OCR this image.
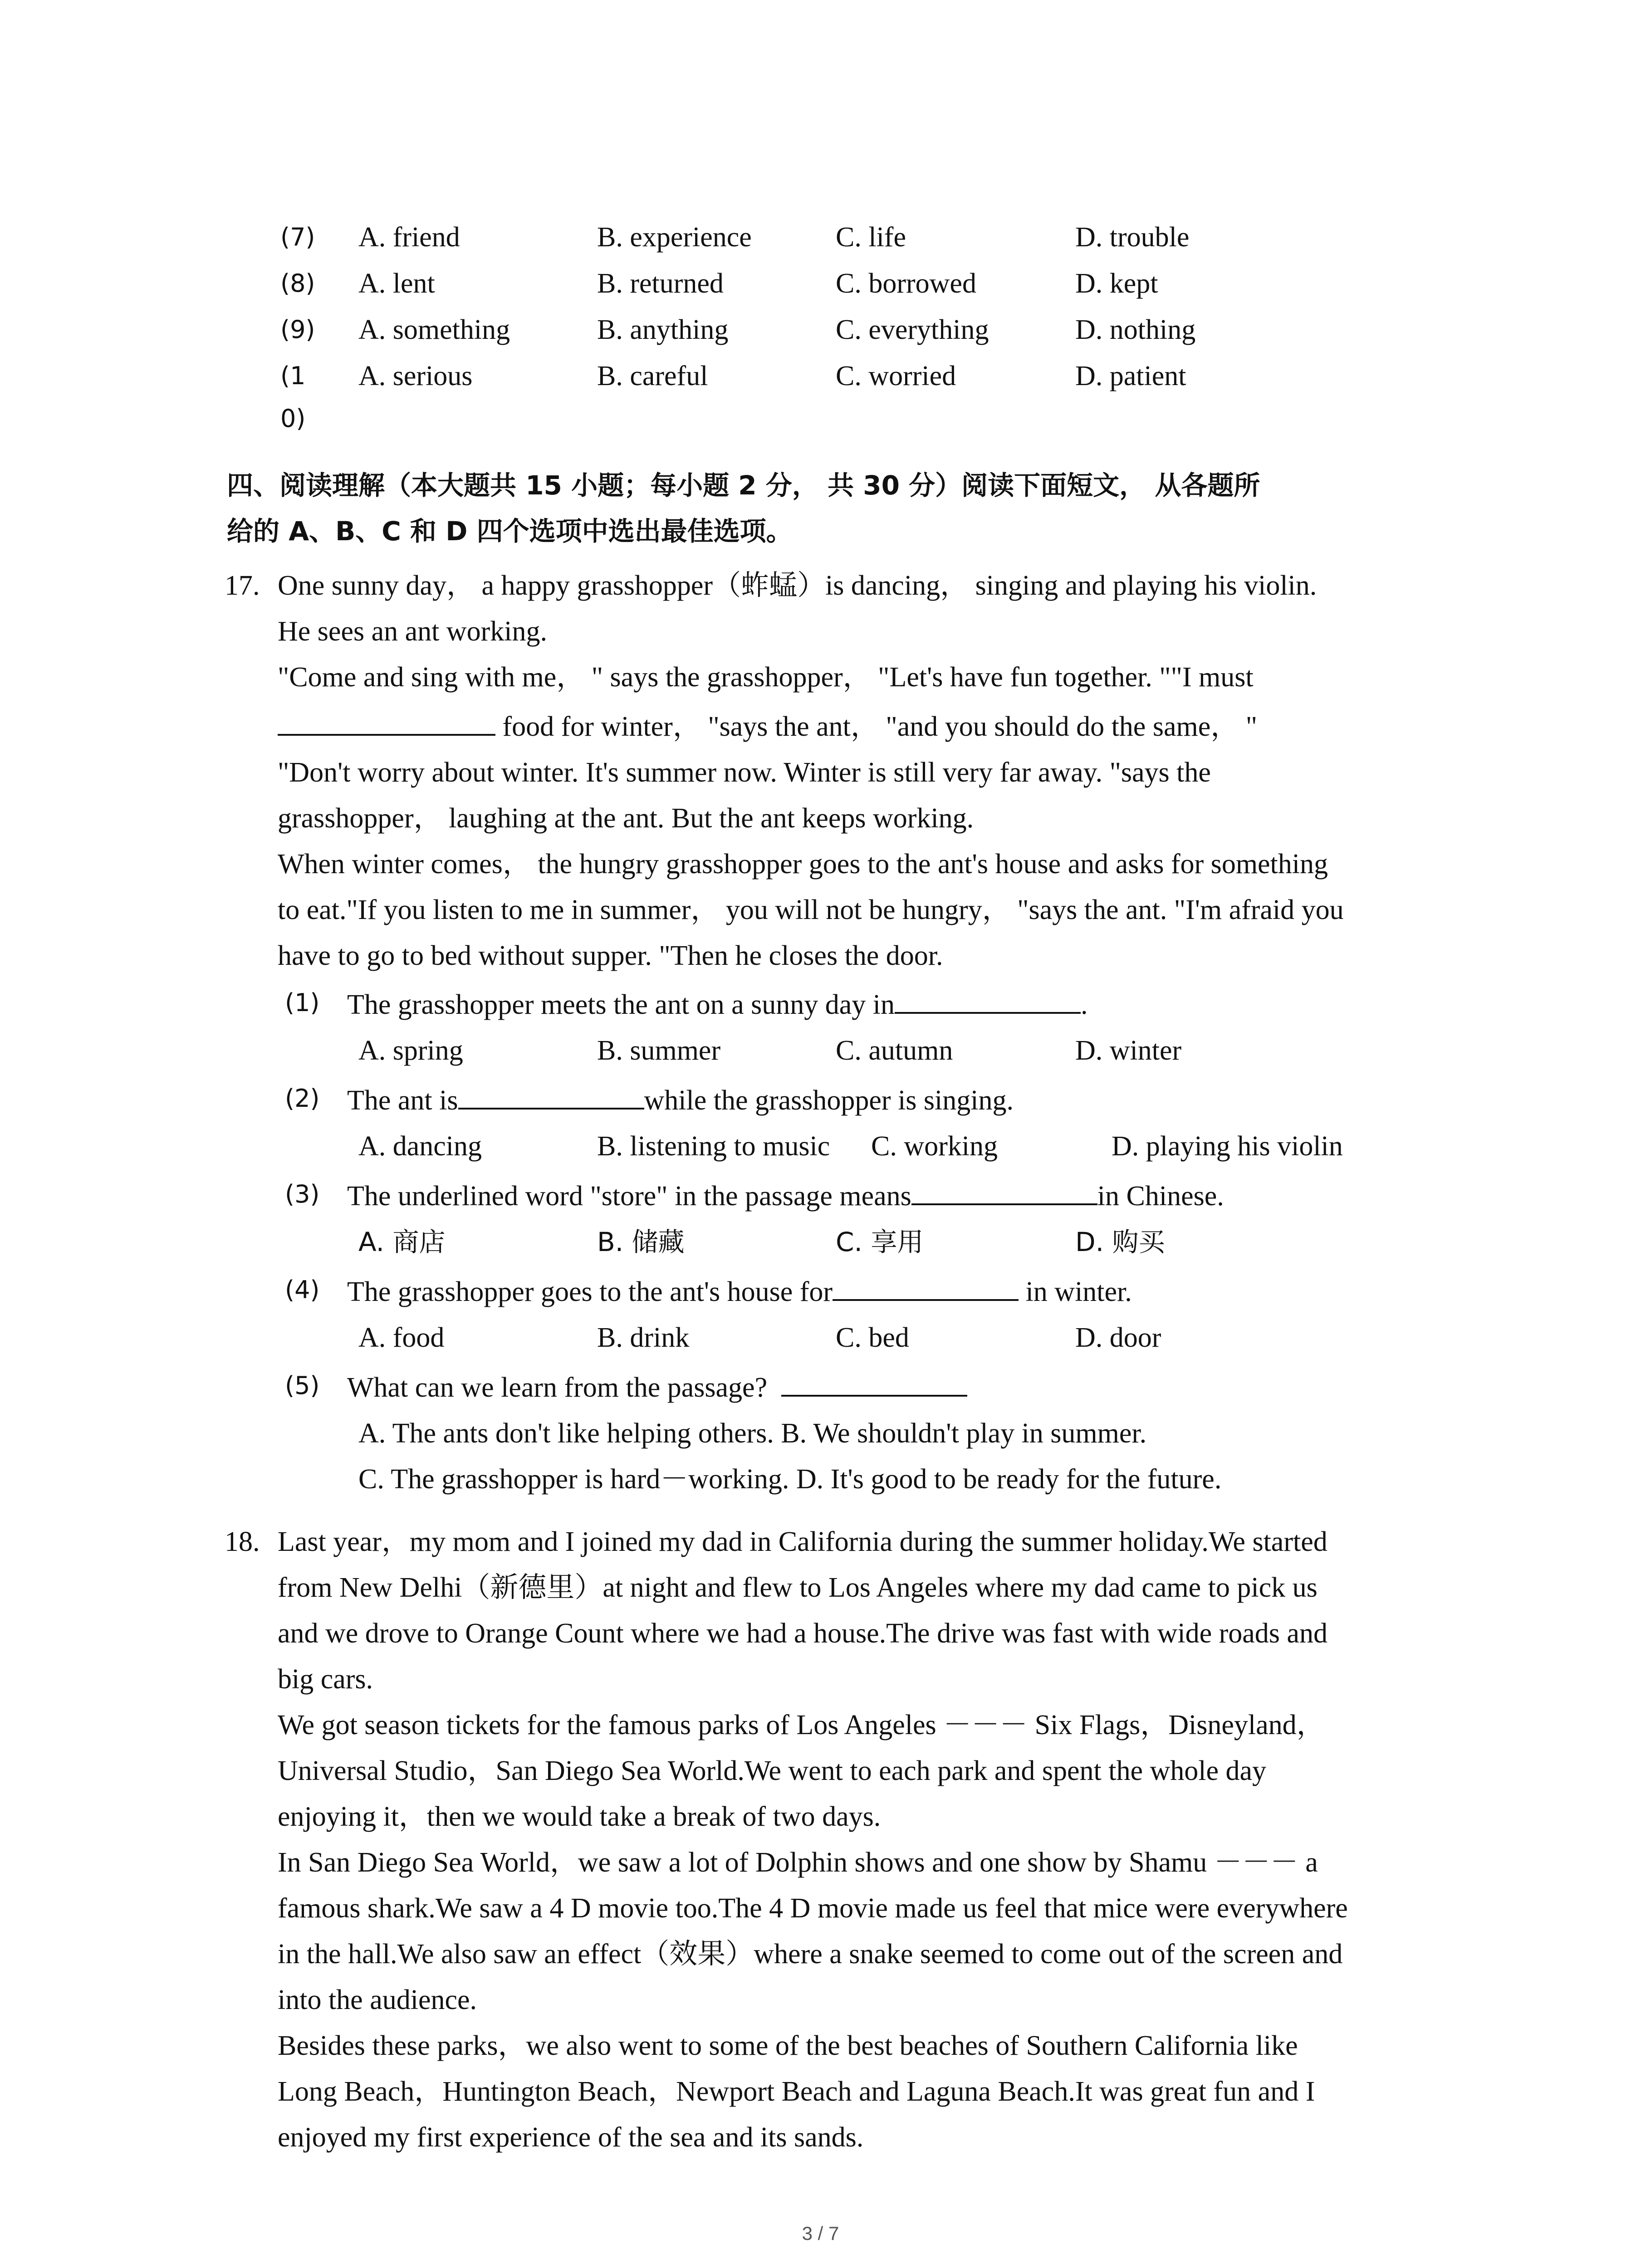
(7) A. friend	B. experience	C. life	D. trouble
(8) A. lent	B. returned	C. borrowed	D. kept
(9) A. something	B. anything	C. everything	D. nothing
(1 A. serious	B. careful	C. worried	D. patient
0)
四、阅读理解（本大题共 15 小题；每小题 2 分， 共 30 分）阅读下面短文， 从各题所
给的 A、B、C 和 D 四个选项中选出最佳选项。
17. One sunny day， a happy grasshopper（蚱蜢）is dancing， singing and playing his violin.
He sees an ant working.
"Come and sing with me， " says the grasshopper， "Let's have fun together. ""I must
food for winter， "says the ant， "and you should do the same， "
"Don't worry about winter. It's summer now. Winter is still very far away. "says the
grasshopper， laughing at the ant. But the ant keeps working.
When winter comes， the hungry grasshopper goes to the ant's house and asks for something
to eat."If you listen to me in summer， you will not be hungry， "says the ant. "I'm afraid you
have to go to bed without supper. "Then he closes the door.
(1) The grasshopper meets the ant on a sunny day in	.
A. spring	B. summer	C. autumn	D. winter
(2) The ant is	while the grasshopper is singing.
A. dancing	B. listening to music C. working	D. playing his violin
(3) The underlined word "store" in the passage means	in Chinese.
A. 商店	B. 储藏	C. 享用	D. 购买
(4) The grasshopper goes to the ant's house for	in winter.
A. food	B. drink	C. bed	D. door
(5) What can we learn from the passage?
A. The ants don't like helping others. B. We shouldn't play in summer.
C. The grasshopper is hard－working. D. It's good to be ready for the future.
18. Last year，my mom and I joined my dad in California during the summer holiday.We started
from New Delhi（新德里）at night and flew to Los Angeles where my dad came to pick us
and we drove to Orange Count where we had a house.The drive was fast with wide roads and
big cars.
We got season tickets for the famous parks of Los Angeles －－－ Six Flags，Disneyland，
Universal Studio，San Diego Sea World.We went to each park and spent the whole day
enjoying it，then we would take a break of two days.
In San Diego Sea World，we saw a lot of Dolphin shows and one show by Shamu －－－ a
famous shark.We saw a 4 D movie too.The 4 D movie made us feel that mice were everywhere
in the hall.We also saw an effect（效果）where a snake seemed to come out of the screen and
into the audience.
Besides these parks，we also went to some of the best beaches of Southern California like
Long Beach，Huntington Beach，Newport Beach and Laguna Beach.It was great fun and I
enjoyed my first experience of the sea and its sands.
3 / 7
